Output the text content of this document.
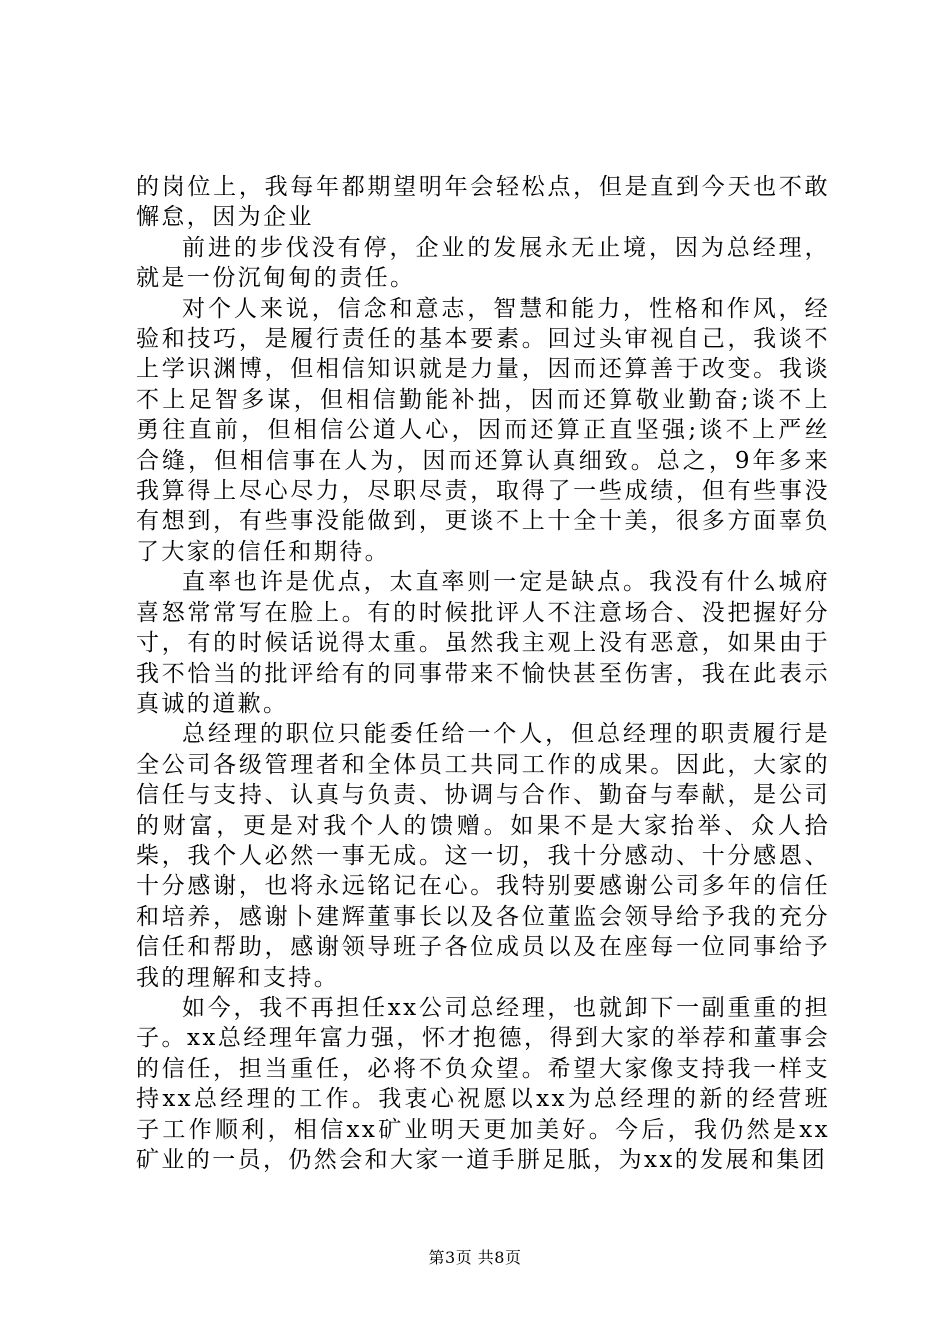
的岗位上，我每年都期望明年会轻松点，但是直到今天也不敢懈怠，因为企业

前进的步伐没有停，企业的发展永无止境，因为总经理，就是一份沉甸甸的责任。

对个人来说，信念和意志，智慧和能力，性格和作风，经验和技巧，是履行责任的基本要素。回过头审视自己，我谈不上学识渊博，但相信知识就是力量，因而还算善于改变。我谈不上足智多谋，但相信勤能补拙，因而还算敬业勤奋;谈不上勇往直前，但相信公道人心，因而还算正直坚强;谈不上严丝合缝，但相信事在人为，因而还算认真细致。总之，9年多来我算得上尽心尽力，尽职尽责，取得了一些成绩，但有些事没有想到，有些事没能做到，更谈不上十全十美，很多方面辜负了大家的信任和期待。

直率也许是优点，太直率则一定是缺点。我没有什么城府喜怒常常写在脸上。有的时候批评人不注意场合、没把握好分寸，有的时候话说得太重。虽然我主观上没有恶意，如果由于我不恰当的批评给有的同事带来不愉快甚至伤害，我在此表示真诚的道歉。

总经理的职位只能委任给一个人，但总经理的职责履行是全公司各级管理者和全体员工共同工作的成果。因此，大家的信任与支持、认真与负责、协调与合作、勤奋与奉献，是公司的财富，更是对我个人的馈赠。如果不是大家抬举、众人拾柴，我个人必然一事无成。这一切，我十分感动、十分感恩、十分感谢，也将永远铭记在心。我特别要感谢公司多年的信任和培养，感谢卜建辉董事长以及各位董监会领导给予我的充分信任和帮助，感谢领导班子各位成员以及在座每一位同事给予我的理解和支持。

如今，我不再担任xx公司总经理，也就卸下一副重重的担子。xx总经理年富力强，怀才抱德，得到大家的举荐和董事会的信任，担当重任，必将不负众望。希望大家像支持我一样支持xx总经理的工作。我衷心祝愿以xx为总经理的新的经营班子工作顺利，相信xx矿业明天更加美好。今后，我仍然是xx矿业的一员，仍然会和大家一道手胼足胝，为xx的发展和集团

第3页 共8页
